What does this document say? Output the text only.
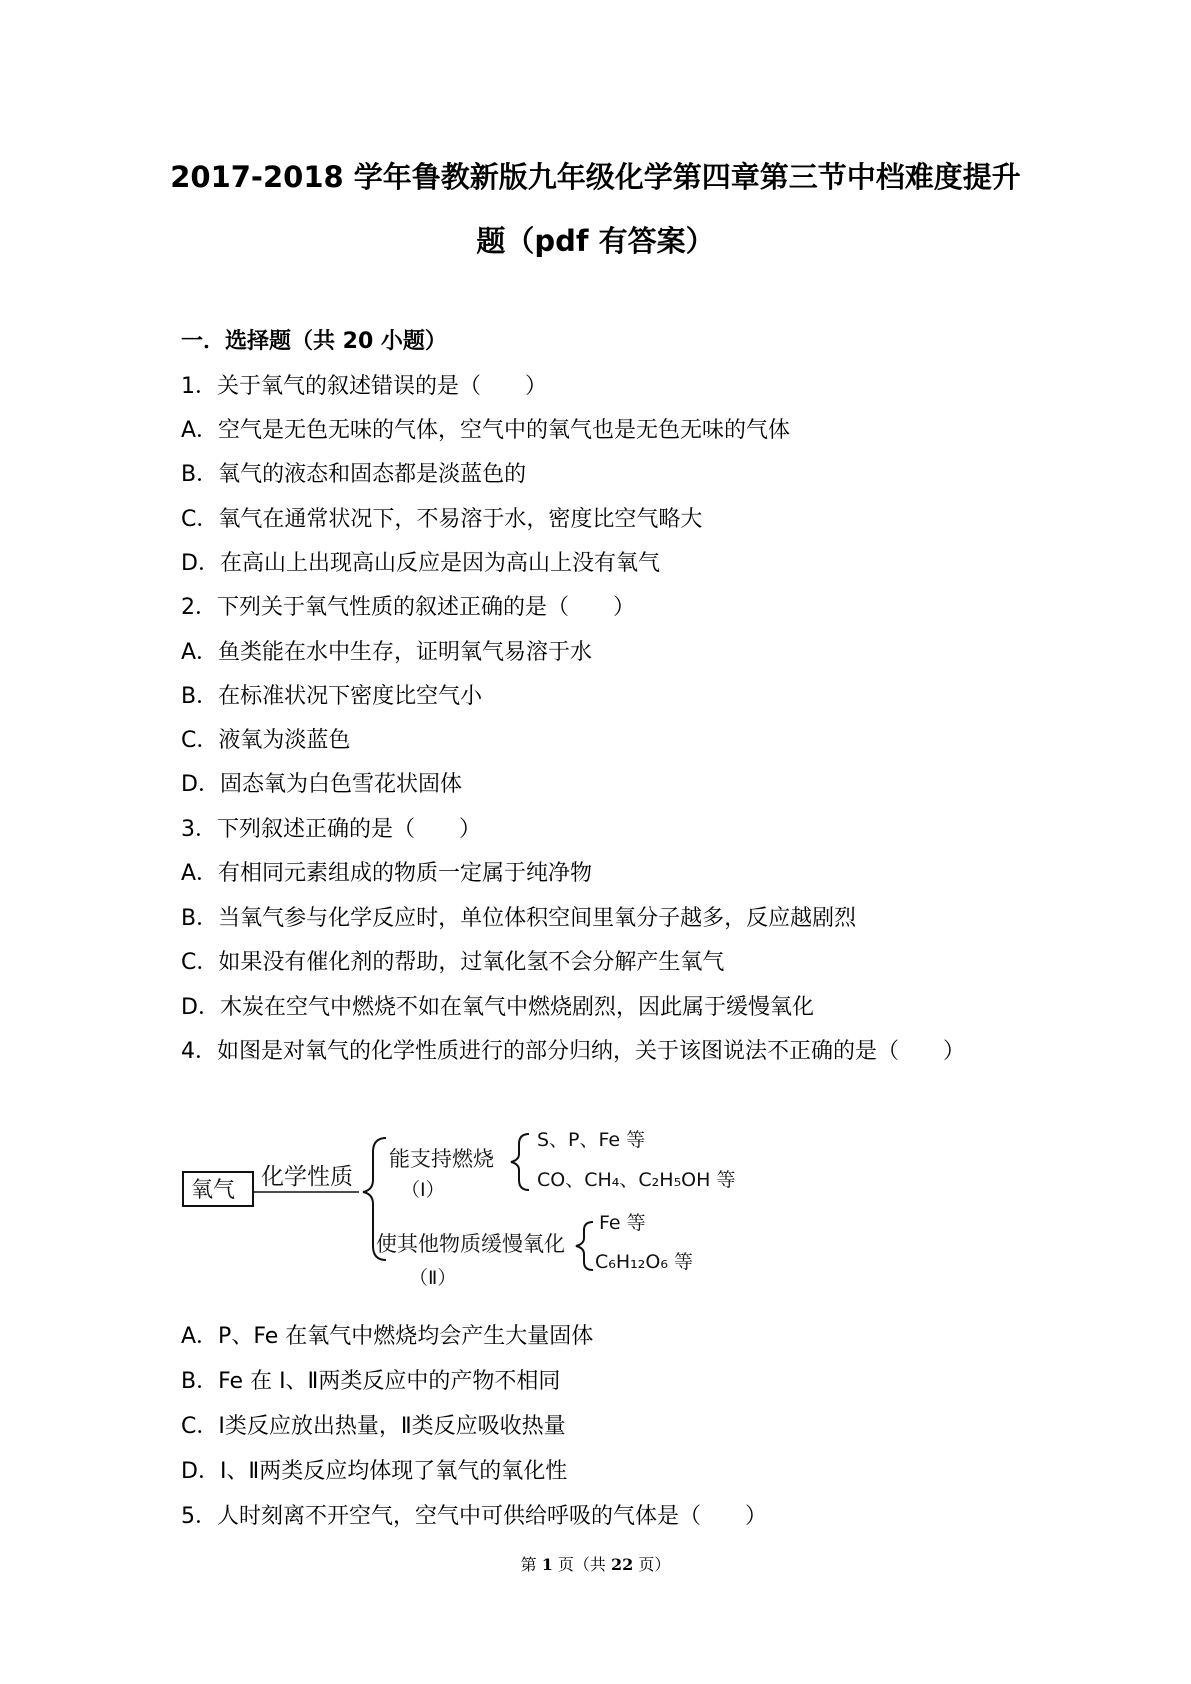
2017-2018 学年鲁教新版九年级化学第四章第三节中档难度提升
题（pdf 有答案）
一．选择题（共 20 小题）
1．关于氧气的叙述错误的是（　　）
A．空气是无色无味的气体，空气中的氧气也是无色无味的气体
B．氧气的液态和固态都是淡蓝色的
C．氧气在通常状况下，不易溶于水，密度比空气略大
D．在高山上出现高山反应是因为高山上没有氧气
2．下列关于氧气性质的叙述正确的是（　　）
A．鱼类能在水中生存，证明氧气易溶于水
B．在标准状况下密度比空气小
C．液氧为淡蓝色
D．固态氧为白色雪花状固体
3．下列叙述正确的是（　　）
A．有相同元素组成的物质一定属于纯净物
B．当氧气参与化学反应时，单位体积空间里氧分子越多，反应越剧烈
C．如果没有催化剂的帮助，过氧化氢不会分解产生氧气
D．木炭在空气中燃烧不如在氧气中燃烧剧烈，因此属于缓慢氧化
4．如图是对氧气的化学性质进行的部分归纳，关于该图说法不正确的是（　　）
氧气
化学性质
能支持燃烧
（Ⅰ）
S、P、Fe 等
CO、CH₄、C₂H₅OH 等
使其他物质缓慢氧化
（Ⅱ）
Fe 等
C₆H₁₂O₆ 等
A．P、Fe 在氧气中燃烧均会产生大量固体
B．Fe 在 I、Ⅱ两类反应中的产物不相同
C．Ⅰ类反应放出热量，Ⅱ类反应吸收热量
D．I、Ⅱ两类反应均体现了氧气的氧化性
5．人时刻离不开空气，空气中可供给呼吸的气体是（　　）
第 1 页（共 22 页）
